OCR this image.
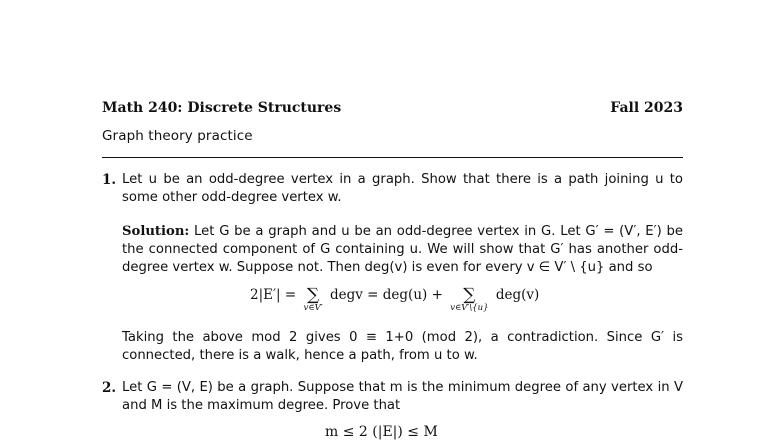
Math 240: Discrete Structures	Fall 2023
Graph theory practice
1. Let u be an odd-degree vertex in a graph. Show that there is a path joining u to some other odd-degree vertex w.
Solution: Let G be a graph and u be an odd-degree vertex in G. Let G′ = (V′, E′) be the connected component of G containing u. We will show that G′ has another odd-degree vertex w. Suppose not. Then deg(v) is even for every v ∈ V′ \ {u} and so
2|E′| = ∑
v∈V′
degv = deg(u) +	∑
v∈V′\{u}
deg(v)
Taking the above mod 2 gives 0 ≡ 1+0 (mod 2), a contradiction. Since G′ is connected, there is a walk, hence a path, from u to w.
2. Let G = (V, E) be a graph. Suppose that m is the minimum degree of any vertex in V and M is the maximum degree. Prove that
m ≤ 2 (|E|) ≤ M
